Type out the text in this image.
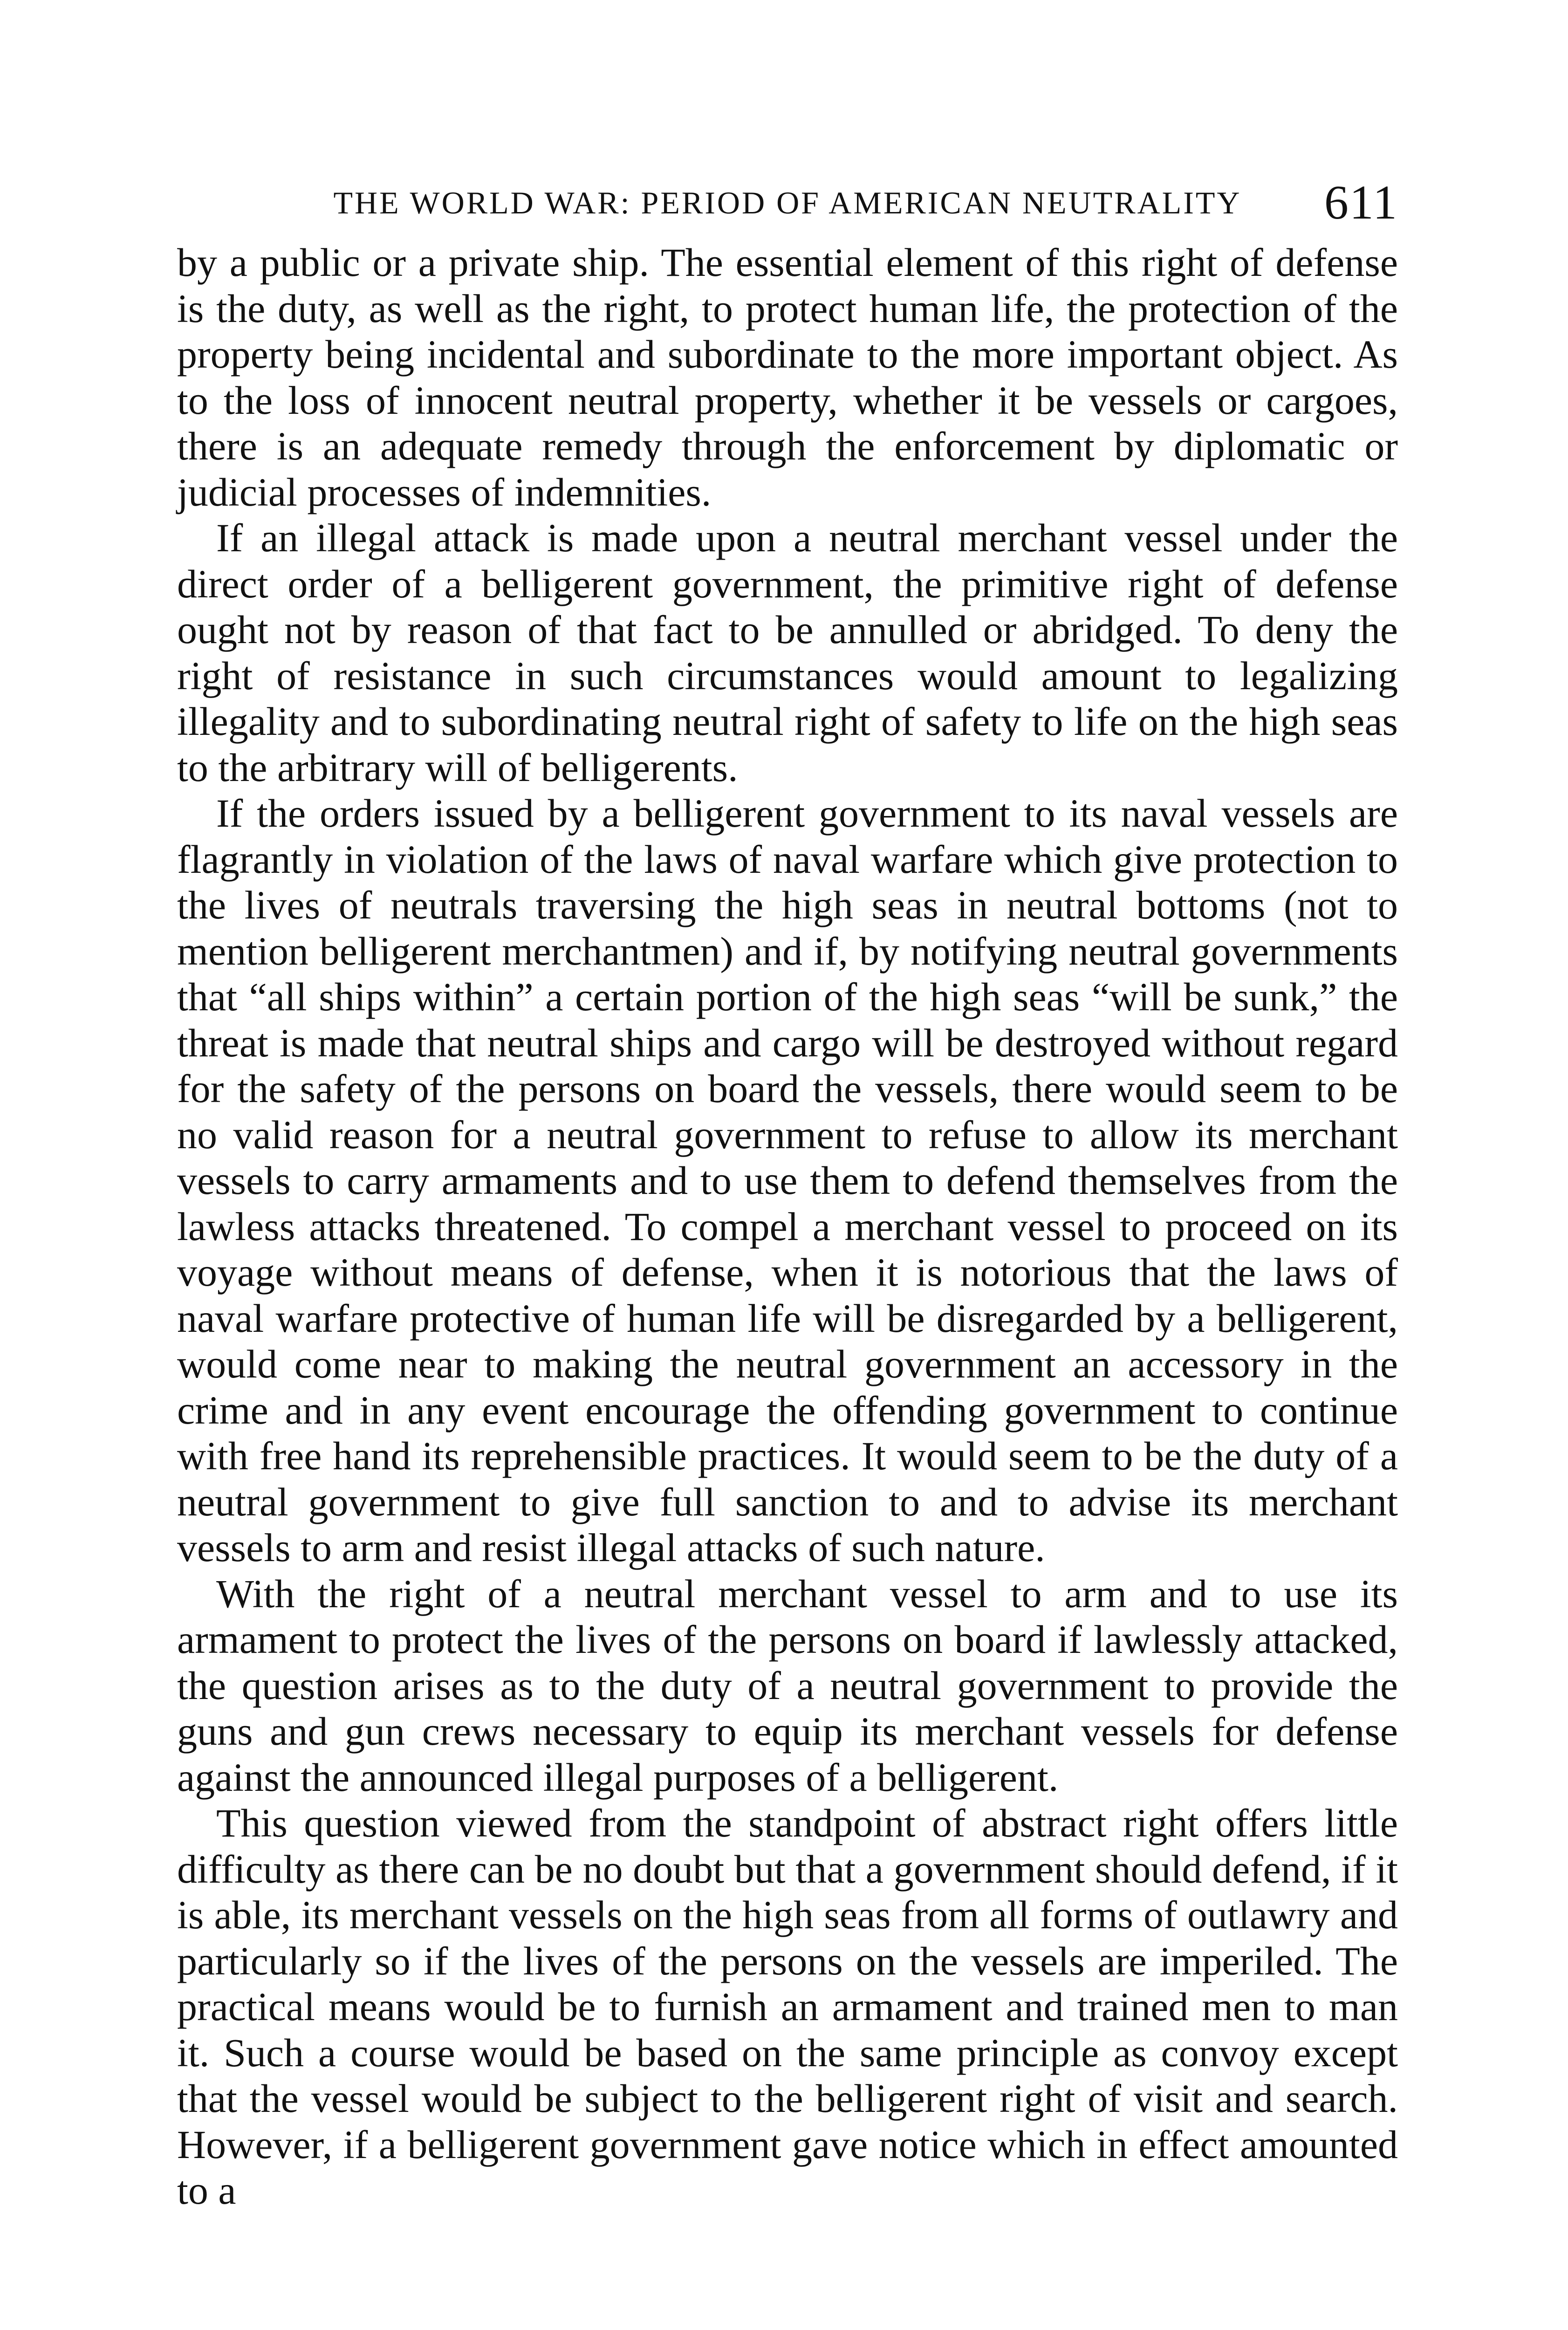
THE WORLD WAR: PERIOD OF AMERICAN NEUTRALITY 611

by a public or a private ship. The essential element of this right of defense is the duty, as well as the right, to protect human life, the protection of the property being incidental and subordinate to the more important object. As to the loss of innocent neutral property, whether it be vessels or cargoes, there is an adequate remedy through the enforcement by diplomatic or judicial processes of indemnities.

If an illegal attack is made upon a neutral merchant vessel under the direct order of a belligerent government, the primitive right of defense ought not by reason of that fact to be annulled or abridged. To deny the right of resistance in such circumstances would amount to legalizing illegality and to subordinating neutral right of safety to life on the high seas to the arbitrary will of belligerents.

If the orders issued by a belligerent government to its naval vessels are flagrantly in violation of the laws of naval warfare which give protection to the lives of neutrals traversing the high seas in neutral bottoms (not to mention belligerent merchantmen) and if, by notifying neutral governments that “all ships within” a certain portion of the high seas “will be sunk,” the threat is made that neutral ships and cargo will be destroyed without regard for the safety of the persons on board the vessels, there would seem to be no valid reason for a neutral government to refuse to allow its merchant vessels to carry armaments and to use them to defend themselves from the lawless attacks threatened. To compel a merchant vessel to proceed on its voyage without means of defense, when it is notorious that the laws of naval warfare protective of human life will be disregarded by a belligerent, would come near to making the neutral government an accessory in the crime and in any event encourage the offending government to continue with free hand its reprehensible practices. It would seem to be the duty of a neutral government to give full sanction to and to advise its merchant vessels to arm and resist illegal attacks of such nature.

With the right of a neutral merchant vessel to arm and to use its armament to protect the lives of the persons on board if lawlessly attacked, the question arises as to the duty of a neutral government to provide the guns and gun crews necessary to equip its merchant vessels for defense against the announced illegal purposes of a belligerent.

This question viewed from the standpoint of abstract right offers little difficulty as there can be no doubt but that a government should defend, if it is able, its merchant vessels on the high seas from all forms of outlawry and particularly so if the lives of the persons on the vessels are imperiled. The practical means would be to furnish an armament and trained men to man it. Such a course would be based on the same principle as convoy except that the vessel would be subject to the belligerent right of visit and search. However, if a belligerent government gave notice which in effect amounted to a
